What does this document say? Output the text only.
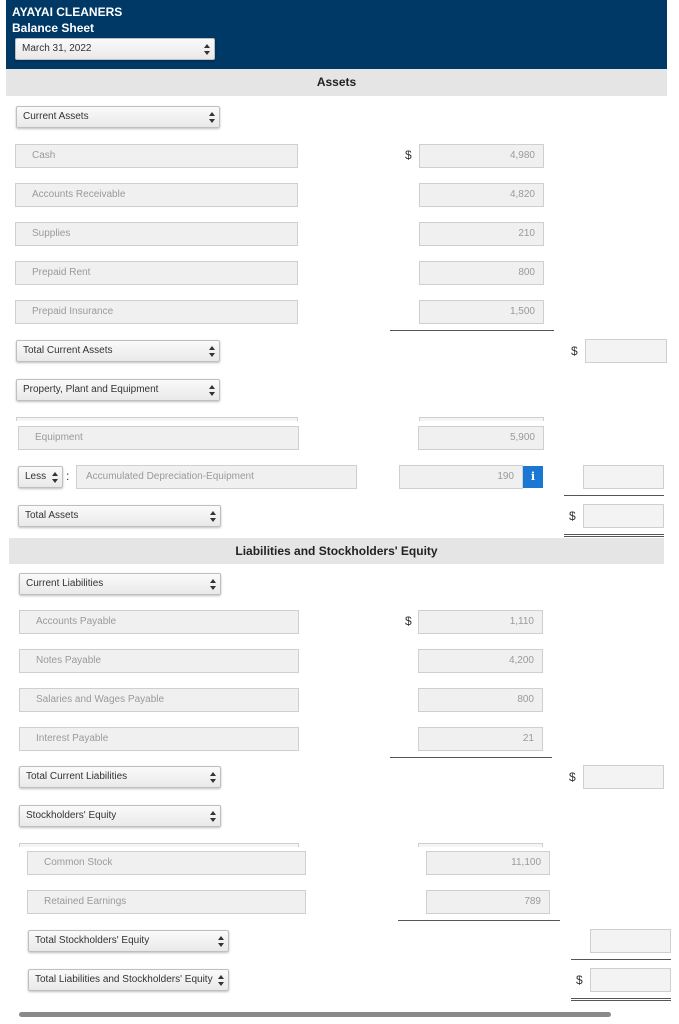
AYAYAI CLEANERS
Balance Sheet
March 31, 2022
Assets
Current Assets
Cash	$	4,980
Accounts Receivable	4,820
Supplies	210
Prepaid Rent	800
Prepaid Insurance	1,500
Total Current Assets	$
Property, Plant and Equipment
Equipment	5,900
Less	:	Accumulated Depreciation-Equipment	190	i
Total Assets	$
Liabilities and Stockholders' Equity
Current Liabilities
Accounts Payable	$	1,110
Notes Payable	4,200
Salaries and Wages Payable	800
Interest Payable	21
Total Current Liabilities	$
Stockholders' Equity
Common Stock	11,100
Retained Earnings	789
Total Stockholders' Equity
Total Liabilities and Stockholders' Equity	$
